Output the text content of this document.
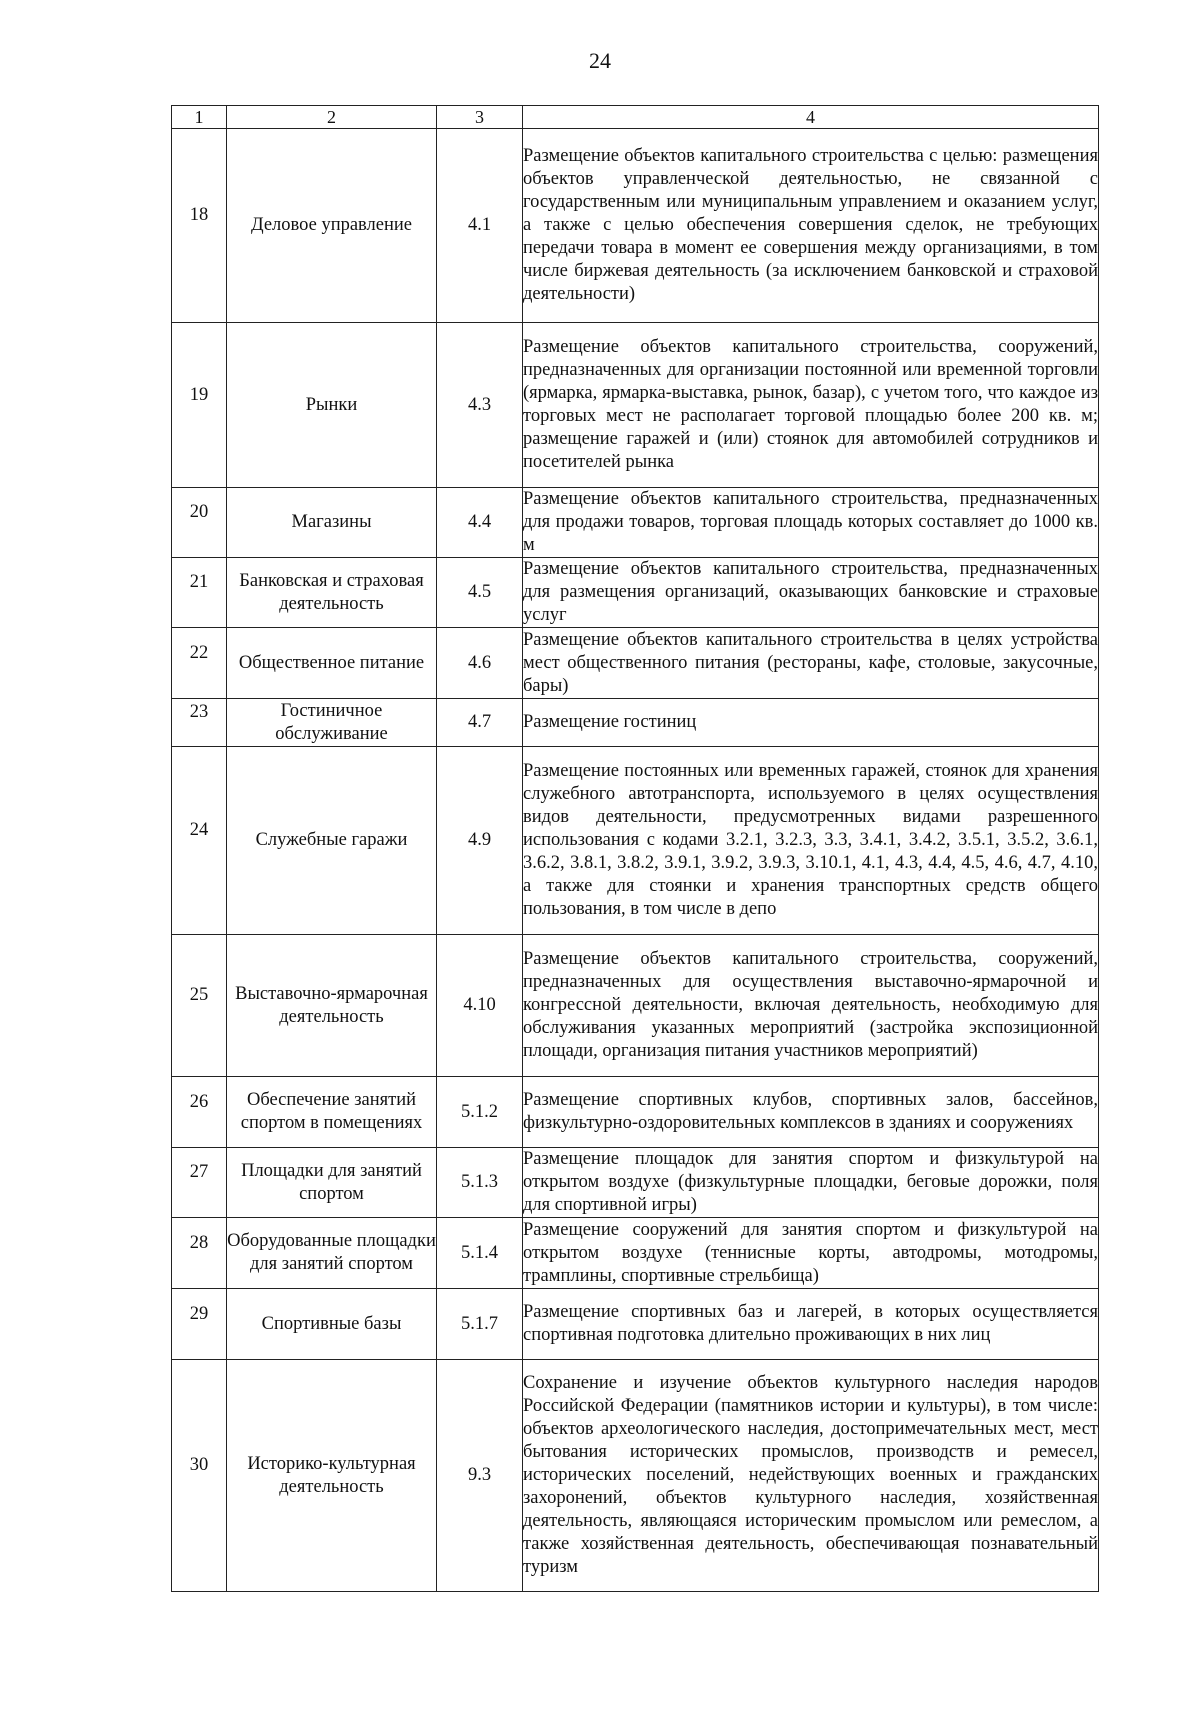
24
1	2	3	4
18	Деловое управление	4.1	Размещение объектов капитального строительства с целью: размещения объектов управленческой деятельностью, не связанной с государственным или муниципальным управлением и оказанием услуг, а также с целью обеспечения совершения сделок, не требующих передачи товара в момент ее совершения между организациями, в том числе биржевая деятельность (за исключением банковской и страховой деятельности)
19	Рынки	4.3	Размещение объектов капитального строительства, сооружений, предназначенных для организации постоянной или временной торговли (ярмарка, ярмарка-выставка, рынок, базар), с учетом того, что каждое из торговых мест не располагает торговой площадью более 200 кв. м; размещение гаражей и (или) стоянок для автомобилей сотрудников и посетителей рынка
20	Магазины	4.4	Размещение объектов капитального строительства, предназначенных для продажи товаров, торговая площадь которых составляет до 1000 кв. м
21	Банковская и страховая деятельность	4.5	Размещение объектов капитального строительства, предназначенных для размещения организаций, оказывающих банковские и страховые услуг
22	Общественное питание	4.6	Размещение объектов капитального строительства в целях устройства мест общественного питания (рестораны, кафе, столовые, закусочные, бары)
23	Гостиничное обслуживание	4.7	Размещение гостиниц
24	Служебные гаражи	4.9	Размещение постоянных или временных гаражей, стоянок для хранения служебного автотранспорта, используемого в целях осуществления видов деятельности, предусмотренных видами разрешенного использования с кодами 3.2.1, 3.2.3, 3.3, 3.4.1, 3.4.2, 3.5.1, 3.5.2, 3.6.1, 3.6.2, 3.8.1, 3.8.2, 3.9.1, 3.9.2, 3.9.3, 3.10.1, 4.1, 4.3, 4.4, 4.5, 4.6, 4.7, 4.10, а также для стоянки и хранения транспортных средств общего пользования, в том числе в депо
25	Выставочно-ярмарочная деятельность	4.10	Размещение объектов капитального строительства, сооружений, предназначенных для осуществления выставочно-ярмарочной и конгрессной деятельности, включая деятельность, необходимую для обслуживания указанных мероприятий (застройка экспозиционной площади, организация питания участников мероприятий)
26	Обеспечение занятий спортом в помещениях	5.1.2	Размещение спортивных клубов, спортивных залов, бассейнов, физкультурно-оздоровительных комплексов в зданиях и сооружениях
27	Площадки для занятий спортом	5.1.3	Размещение площадок для занятия спортом и физкультурой на открытом воздухе (физкультурные площадки, беговые дорожки, поля для спортивной игры)
28	Оборудованные площадки для занятий спортом	5.1.4	Размещение сооружений для занятия спортом и физкультурой на открытом воздухе (теннисные корты, автодромы, мотодромы, трамплины, спортивные стрельбища)
29	Спортивные базы	5.1.7	Размещение спортивных баз и лагерей, в которых осуществляется спортивная подготовка длительно проживающих в них лиц
30	Историко-культурная деятельность	9.3	Сохранение и изучение объектов культурного наследия народов Российской Федерации (памятников истории и культуры), в том числе: объектов археологического наследия, достопримечательных мест, мест бытования исторических промыслов, производств и ремесел, исторических поселений, недействующих военных и гражданских захоронений, объектов культурного наследия, хозяйственная деятельность, являющаяся историческим промыслом или ремеслом, а также хозяйственная деятельность, обеспечивающая познавательный туризм
